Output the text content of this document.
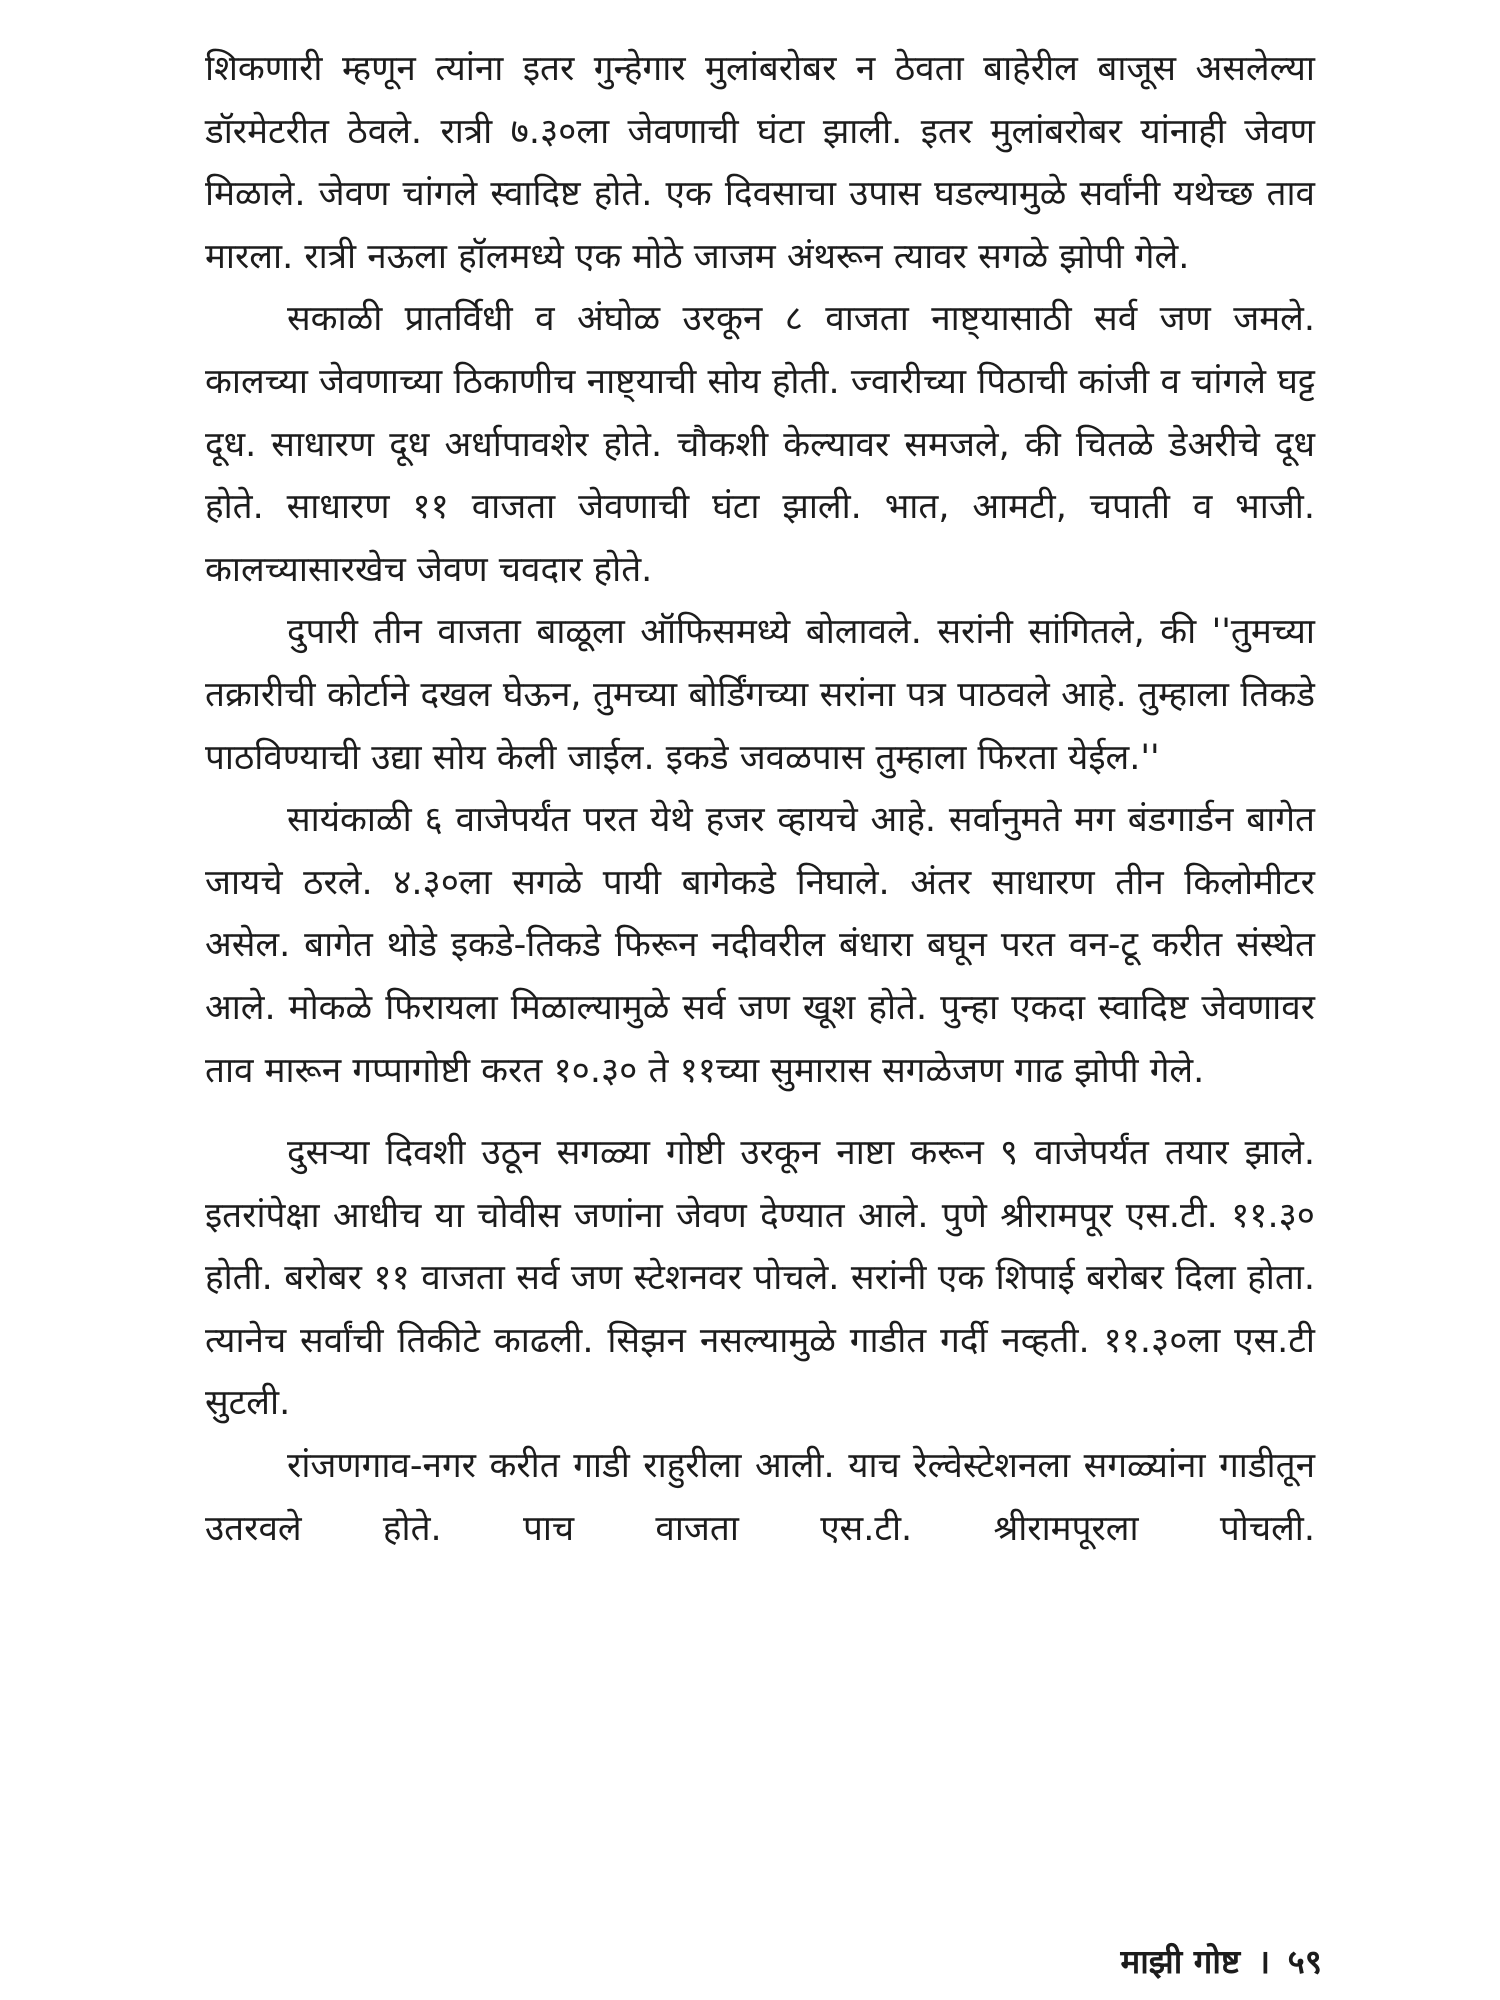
शिकणारी म्हणून त्यांना इतर गुन्हेगार मुलांबरोबर न ठेवता बाहेरील बाजूस असलेल्या डॉरमेटरीत ठेवले. रात्री ७.३०ला जेवणाची घंटा झाली. इतर मुलांबरोबर यांनाही जेवण मिळाले. जेवण चांगले स्वादिष्ट होते. एक दिवसाचा उपास घडल्यामुळे सर्वांनी यथेच्छ ताव मारला. रात्री नऊला हॉलमध्ये एक मोठे जाजम अंथरून त्यावर सगळे झोपी गेले.

सकाळी प्रातर्विधी व अंघोळ उरकून ८ वाजता नाष्ट्यासाठी सर्व जण जमले. कालच्या जेवणाच्या ठिकाणीच नाष्ट्याची सोय होती. ज्वारीच्या पिठाची कांजी व चांगले घट्ट दूध. साधारण दूध अर्धापावशेर होते. चौकशी केल्यावर समजले, की चितळे डेअरीचे दूध होते. साधारण ११ वाजता जेवणाची घंटा झाली. भात, आमटी, चपाती व भाजी. कालच्यासारखेच जेवण चवदार होते.

दुपारी तीन वाजता बाळूला ऑफिसमध्ये बोलावले. सरांनी सांगितले, की ''तुमच्या तक्रारीची कोर्टाने दखल घेऊन, तुमच्या बोर्डिंगच्या सरांना पत्र पाठवले आहे. तुम्हाला तिकडे पाठविण्याची उद्या सोय केली जाईल. इकडे जवळपास तुम्हाला फिरता येईल.''

सायंकाळी ६ वाजेपर्यंत परत येथे हजर व्हायचे आहे. सर्वानुमते मग बंडगार्डन बागेत जायचे ठरले. ४.३०ला सगळे पायी बागेकडे निघाले. अंतर साधारण तीन किलोमीटर असेल. बागेत थोडे इकडे-तिकडे फिरून नदीवरील बंधारा बघून परत वन-टू करीत संस्थेत आले. मोकळे फिरायला मिळाल्यामुळे सर्व जण खूश होते. पुन्हा एकदा स्वादिष्ट जेवणावर ताव मारून गप्पागोष्टी करत १०.३० ते ११च्या सुमारास सगळेजण गाढ झोपी गेले.

दुसऱ्या दिवशी उठून सगळ्या गोष्टी उरकून नाष्टा करून ९ वाजेपर्यंत तयार झाले. इतरांपेक्षा आधीच या चोवीस जणांना जेवण देण्यात आले. पुणे श्रीरामपूर एस.टी. ११.३० होती. बरोबर ११ वाजता सर्व जण स्टेशनवर पोचले. सरांनी एक शिपाई बरोबर दिला होता. त्यानेच सर्वांची तिकीटे काढली. सिझन नसल्यामुळे गाडीत गर्दी नव्हती. ११.३०ला एस.टी सुटली.

रांजणगाव-नगर करीत गाडी राहुरीला आली. याच रेल्वेस्टेशनला सगळ्यांना गाडीतून उतरवले होते. पाच वाजता एस.टी. श्रीरामपूरला पोचली.

माझी गोष्ट । ५९
